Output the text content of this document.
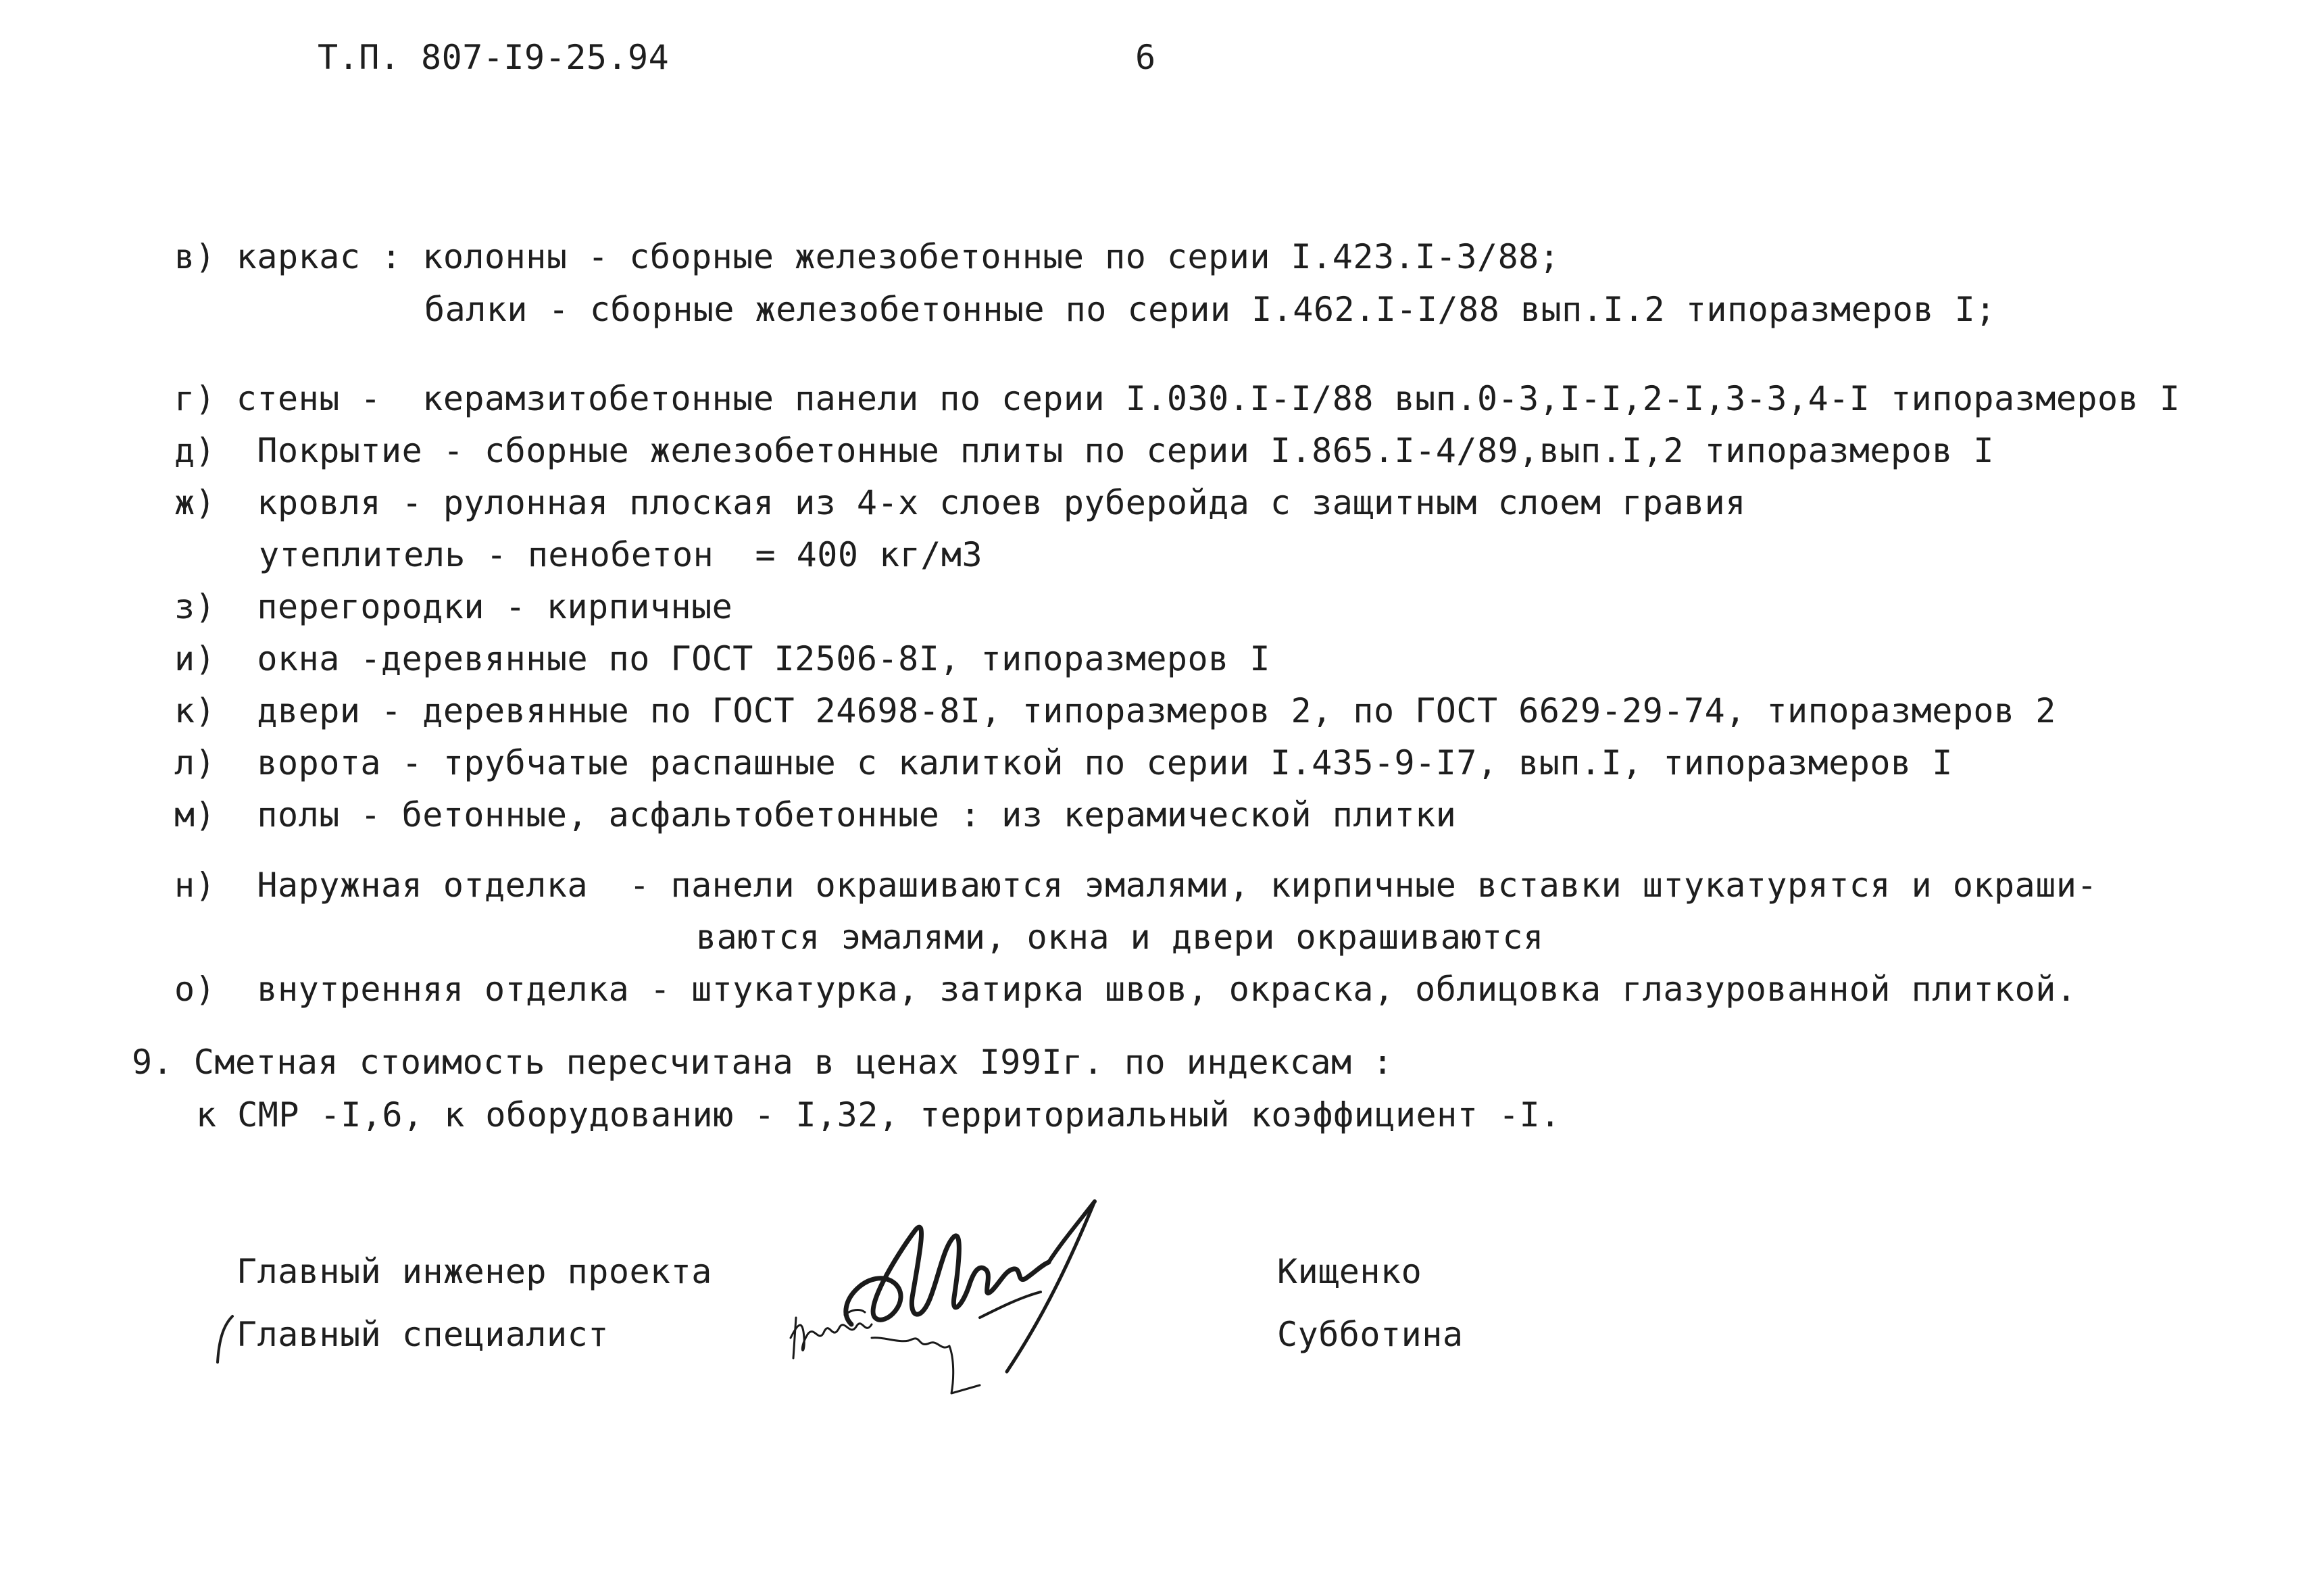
Т.П. 807-I9-25.94	6
в) каркас : колонны - сборные железобетонные по серии I.423.I-3/88;
балки - сборные железобетонные по серии I.462.I-I/88 вып.I.2 типоразмеров I;
г) стены -  керамзитобетонные панели по серии I.030.I-I/88 вып.0-3,I-I,2-I,3-3,4-I типоразмеров I
д)  Покрытие - сборные железобетонные плиты по серии I.865.I-4/89,вып.I,2 типоразмеров I
ж)  кровля - рулонная плоская из 4-х слоев руберойда с защитным слоем гравия
утеплитель - пенобетон  = 400 кг/м3
з)  перегородки - кирпичные
и)  окна -деревянные по ГОСТ I2506-8I, типоразмеров I
к)  двери - деревянные по ГОСТ 24698-8I, типоразмеров 2, по ГОСТ 6629-29-74, типоразмеров 2
л)  ворота - трубчатые распашные с калиткой по серии I.435-9-I7, вып.I, типоразмеров I
м)  полы - бетонные, асфальтобетонные : из керамической плитки
н)  Наружная отделка  - панели окрашиваются эмалями, кирпичные вставки штукатурятся и окраши-
ваются эмалями, окна и двери окрашиваются
о)  внутренняя отделка - штукатурка, затирка швов, окраска, облицовка глазурованной плиткой.
9. Сметная стоимость пересчитана в ценах I99Iг. по индексам :
к СМР -I,6, к оборудованию - I,32, территориальный коэффициент -I.
Главный инженер проекта
Главный специалист
Кищенко
Субботина
